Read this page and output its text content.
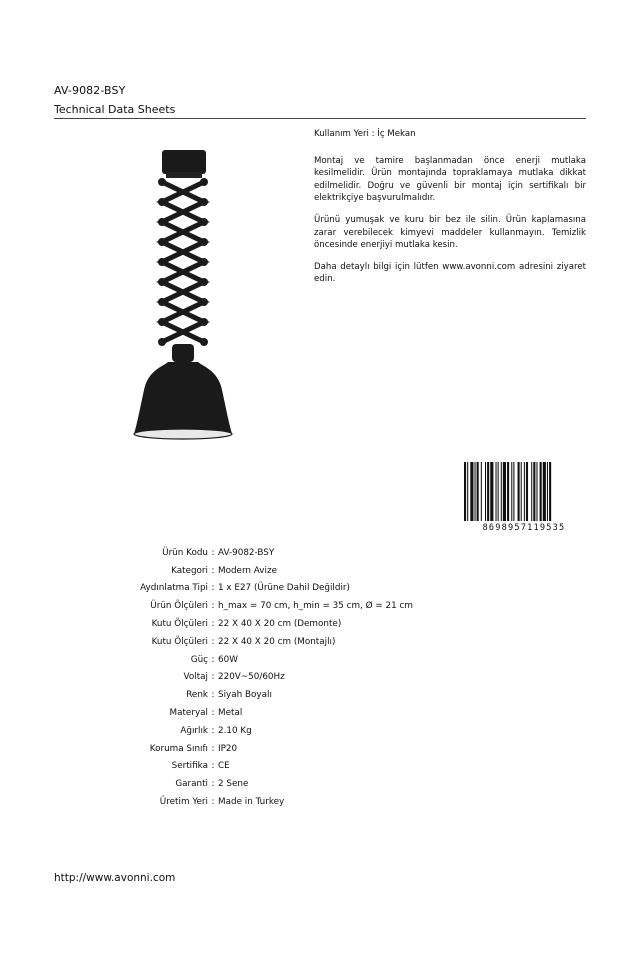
AV-9082-BSY
Technical Data Sheets

Kullanım Yeri : İç Mekan

Montaj ve tamire başlanmadan önce enerji mutlaka kesilmelidir. Ürün montajında topraklamaya mutlaka dikkat edilmelidir. Doğru ve güvenli bir montaj için sertifikalı bir elektrikçiye başvurulmalıdır.

Ürünü yumuşak ve kuru bir bez ile silin. Ürün kaplamasına zarar verebilecek kimyevi maddeler kullanmayın. Temizlik öncesinde enerjiyi mutlaka kesin.

Daha detaylı bilgi için lütfen www.avonni.com adresini ziyaret edin.

8698957119535
Ürün Kodu : AV-9082-BSY
Kategori : Modern Avize
Aydınlatma Tipi : 1 x E27 (Ürüne Dahil Değildir)
Ürün Ölçüleri : h_max = 70 cm, h_min = 35 cm, Ø = 21 cm
Kutu Ölçüleri : 22 X 40 X 20 cm (Demonte)
Kutu Ölçüleri : 22 X 40 X 20 cm (Montajlı)
Güç : 60W
Voltaj : 220V~50/60Hz
Renk : Siyah Boyalı
Materyal : Metal
Ağırlık : 2.10 Kg
Koruma Sınıfı : IP20
Sertifika : CE
Garanti : 2 Sene
Üretim Yeri : Made in Turkey
http://www.avonni.com
